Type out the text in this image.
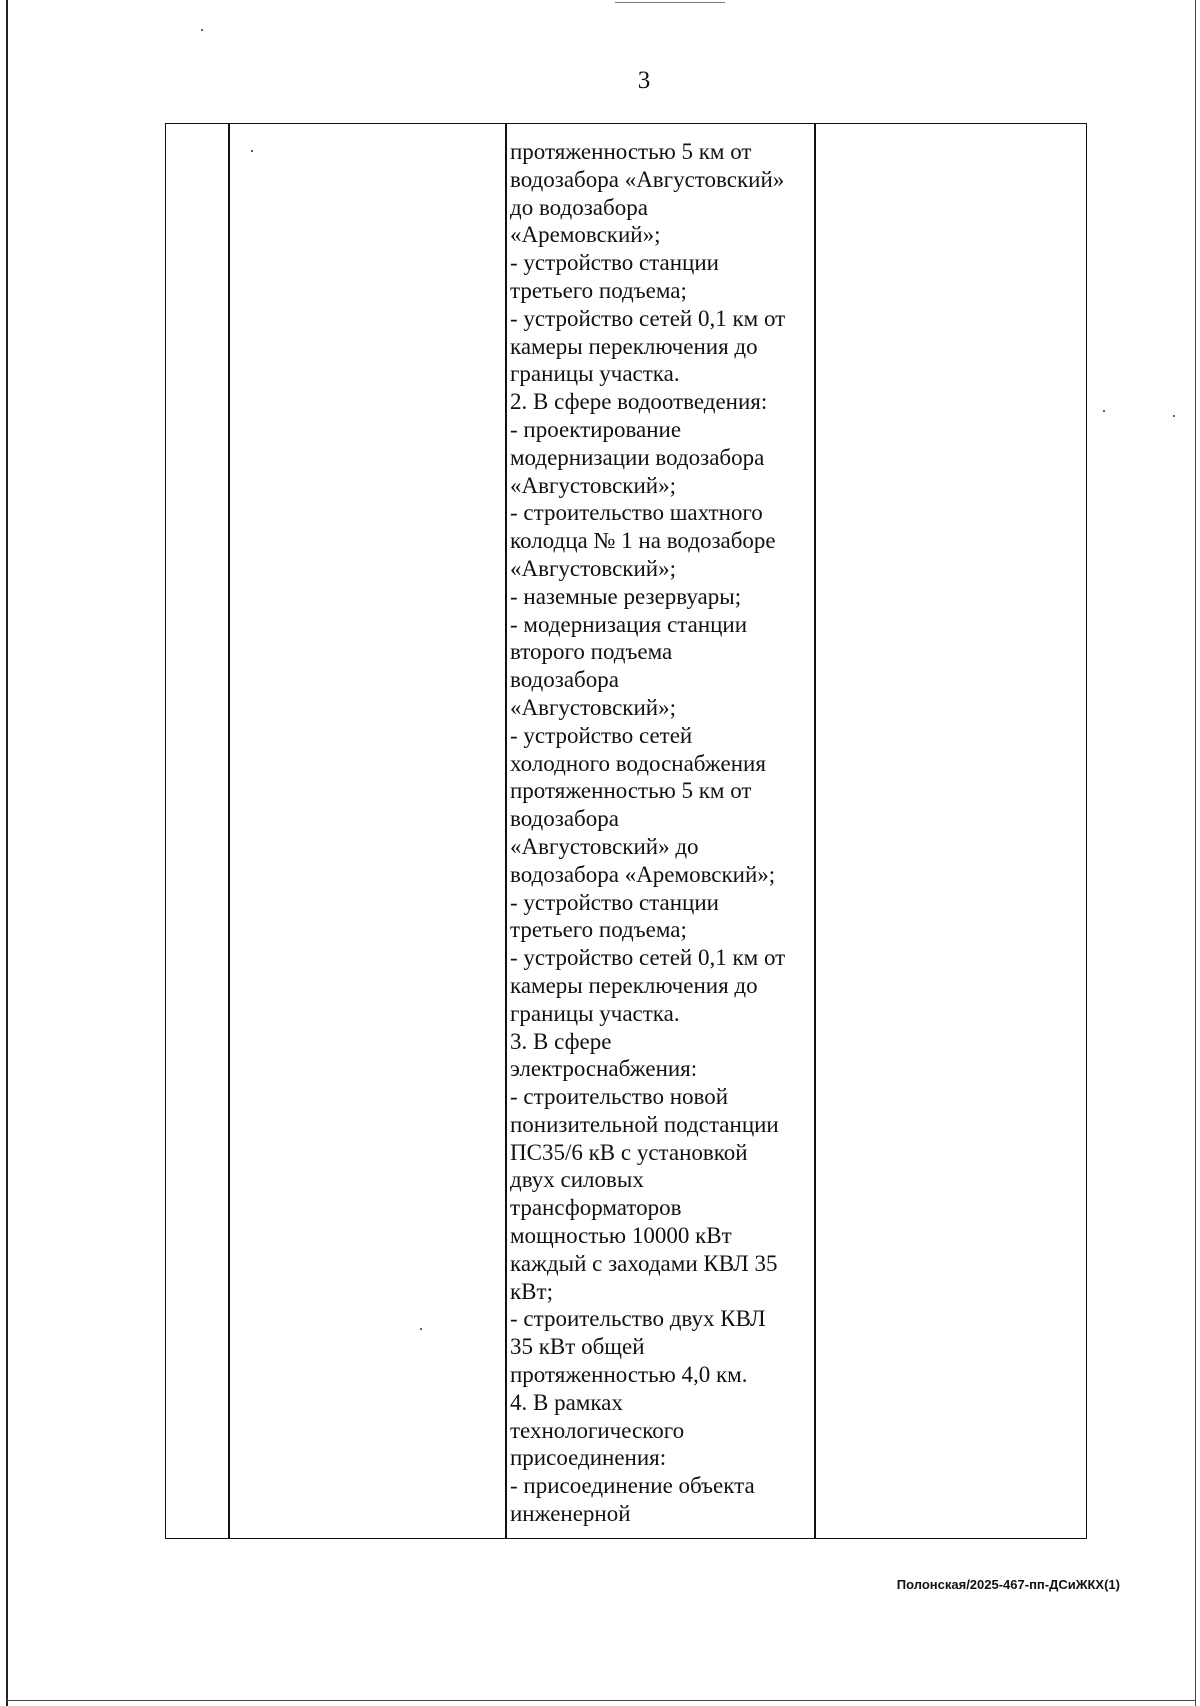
3
протяженностью 5 км от
водозабора «Августовский»
до водозабора
«Аремовский»;
- устройство станции
третьего подъема;
- устройство сетей 0,1 км от
камеры переключения до
границы участка.
2. В сфере водоотведения:
- проектирование
модернизации водозабора
«Августовский»;
- строительство шахтного
колодца № 1 на водозаборе
«Августовский»;
- наземные резервуары;
- модернизация станции
второго подъема
водозабора
«Августовский»;
- устройство сетей
холодного водоснабжения
протяженностью 5 км от
водозабора
«Августовский» до
водозабора «Аремовский»;
- устройство станции
третьего подъема;
- устройство сетей 0,1 км от
камеры переключения до
границы участка.
3. В сфере
электроснабжения:
- строительство новой
понизительной подстанции
ПС35/6 кВ с установкой
двух силовых
трансформаторов
мощностью 10000 кВт
каждый с заходами КВЛ 35
кВт;
- строительство двух КВЛ
35 кВт общей
протяженностью 4,0 км.
4. В рамках
технологического
присоединения:
- присоединение объекта
инженерной
Полонская/2025-467-пп-ДСиЖКХ(1)
